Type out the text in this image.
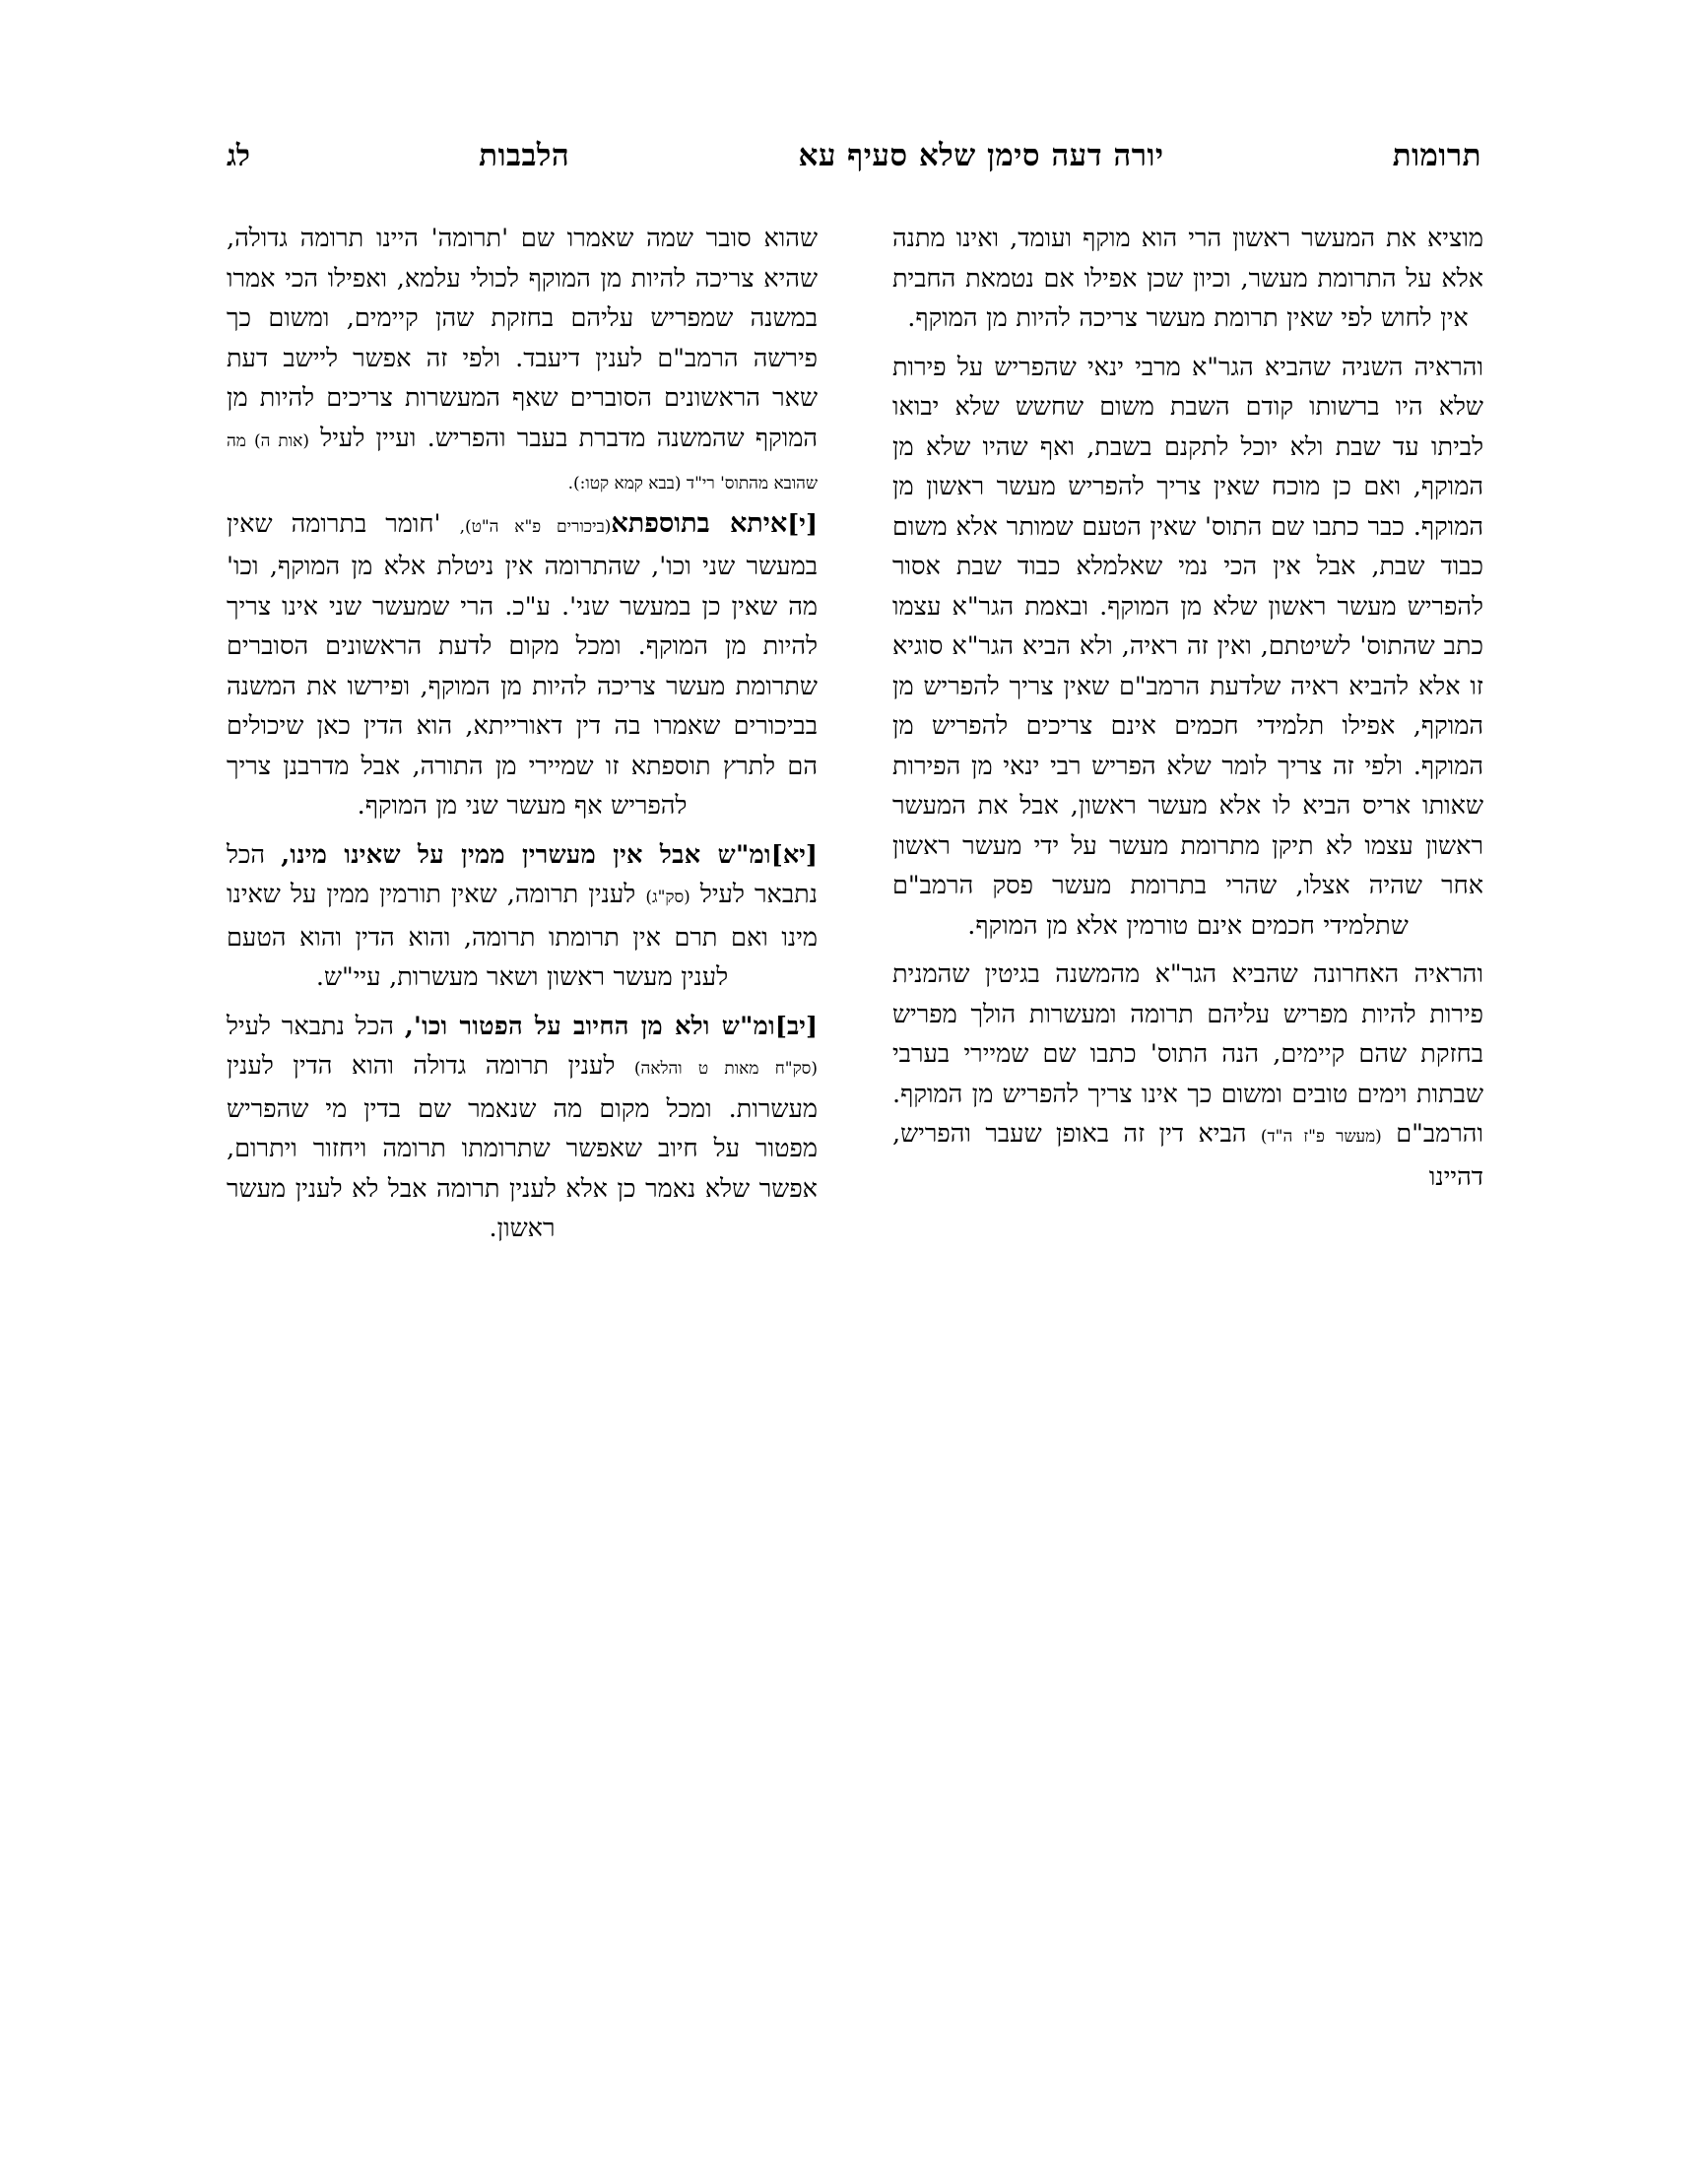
תרומות
יורה דעה סימן שלא סעיף עא
הלבבות
לג

מוציא את המעשר ראשון הרי הוא מוקף ועומד, ואינו מתנה אלא על התרומת מעשר, וכיון שכן אפילו אם נטמאת החבית אין לחוש לפי שאין תרומת מעשר צריכה להיות מן המוקף.

והראיה השניה שהביא הגר"א מרבי ינאי שהפריש על פירות שלא היו ברשותו קודם השבת משום שחשש שלא יבואו לביתו עד שבת ולא יוכל לתקנם בשבת, ואף שהיו שלא מן המוקף, ואם כן מוכח שאין צריך להפריש מעשר ראשון מן המוקף. כבר כתבו שם התוס' שאין הטעם שמותר אלא משום כבוד שבת, אבל אין הכי נמי שאלמלא כבוד שבת אסור להפריש מעשר ראשון שלא מן המוקף. ובאמת הגר"א עצמו כתב שהתוס' לשיטתם, ואין זה ראיה, ולא הביא הגר"א סוגיא זו אלא להביא ראיה שלדעת הרמב"ם שאין צריך להפריש מן המוקף, אפילו תלמידי חכמים אינם צריכים להפריש מן המוקף. ולפי זה צריך לומר שלא הפריש רבי ינאי מן הפירות שאותו אריס הביא לו אלא מעשר ראשון, אבל את המעשר ראשון עצמו לא תיקן מתרומת מעשר על ידי מעשר ראשון אחר שהיה אצלו, שהרי בתרומת מעשר פסק הרמב"ם שתלמידי חכמים אינם טורמין אלא מן המוקף.

והראיה האחרונה שהביא הגר"א מהמשנה בגיטין שהמנית פירות להיות מפריש עליהם תרומה ומעשרות הולך מפריש בחזקת שהם קיימים, הנה התוס' כתבו שם שמיירי בערבי שבתות וימים טובים ומשום כך אינו צריך להפריש מן המוקף. והרמב"ם (מעשר פ"ז ה"ד) הביא דין זה באופן שעבר והפריש, דהיינו

שהוא סובר שמה שאמרו שם 'תרומה' היינו תרומה גדולה, שהיא צריכה להיות מן המוקף לכולי עלמא, ואפילו הכי אמרו במשנה שמפריש עליהם בחזקת שהן קיימים, ומשום כך פירשה הרמב"ם לענין דיעבד. ולפי זה אפשר ליישב דעת שאר הראשונים הסוברים שאף המעשרות צריכים להיות מן המוקף שהמשנה מדברת בעבר והפריש. ועיין לעיל (אות ה) מה שהובא מהתוס' רי"ד (בבא קמא קטו:).

[י]איתא בתוספתא(ביכורים פ"א ה"ט), 'חומר בתרומה שאין במעשר שני וכו', שהתרומה אין ניטלת אלא מן המוקף, וכו' מה שאין כן במעשר שני'. ע"כ. הרי שמעשר שני אינו צריך להיות מן המוקף. ומכל מקום לדעת הראשונים הסוברים שתרומת מעשר צריכה להיות מן המוקף, ופירשו את המשנה בביכורים שאמרו בה דין דאורייתא, הוא הדין כאן שיכולים הם לתרץ תוספתא זו שמיירי מן התורה, אבל מדרבנן צריך להפריש אף מעשר שני מן המוקף.

[יא]ומ"ש אבל אין מעשרין ממין על שאינו מינו, הכל נתבאר לעיל (סק"ג) לענין תרומה, שאין תורמין ממין על שאינו מינו ואם תרם אין תרומתו תרומה, והוא הדין והוא הטעם לענין מעשר ראשון ושאר מעשרות, עיי"ש.

[יב]ומ"ש ולא מן החיוב על הפטור וכו', הכל נתבאר לעיל (סק"ח מאות ט והלאה) לענין תרומה גדולה והוא הדין לענין מעשרות. ומכל מקום מה שנאמר שם בדין מי שהפריש מפטור על חיוב שאפשר שתרומתו תרומה ויחזור ויתרום, אפשר שלא נאמר כן אלא לענין תרומה אבל לא לענין מעשר ראשון.
